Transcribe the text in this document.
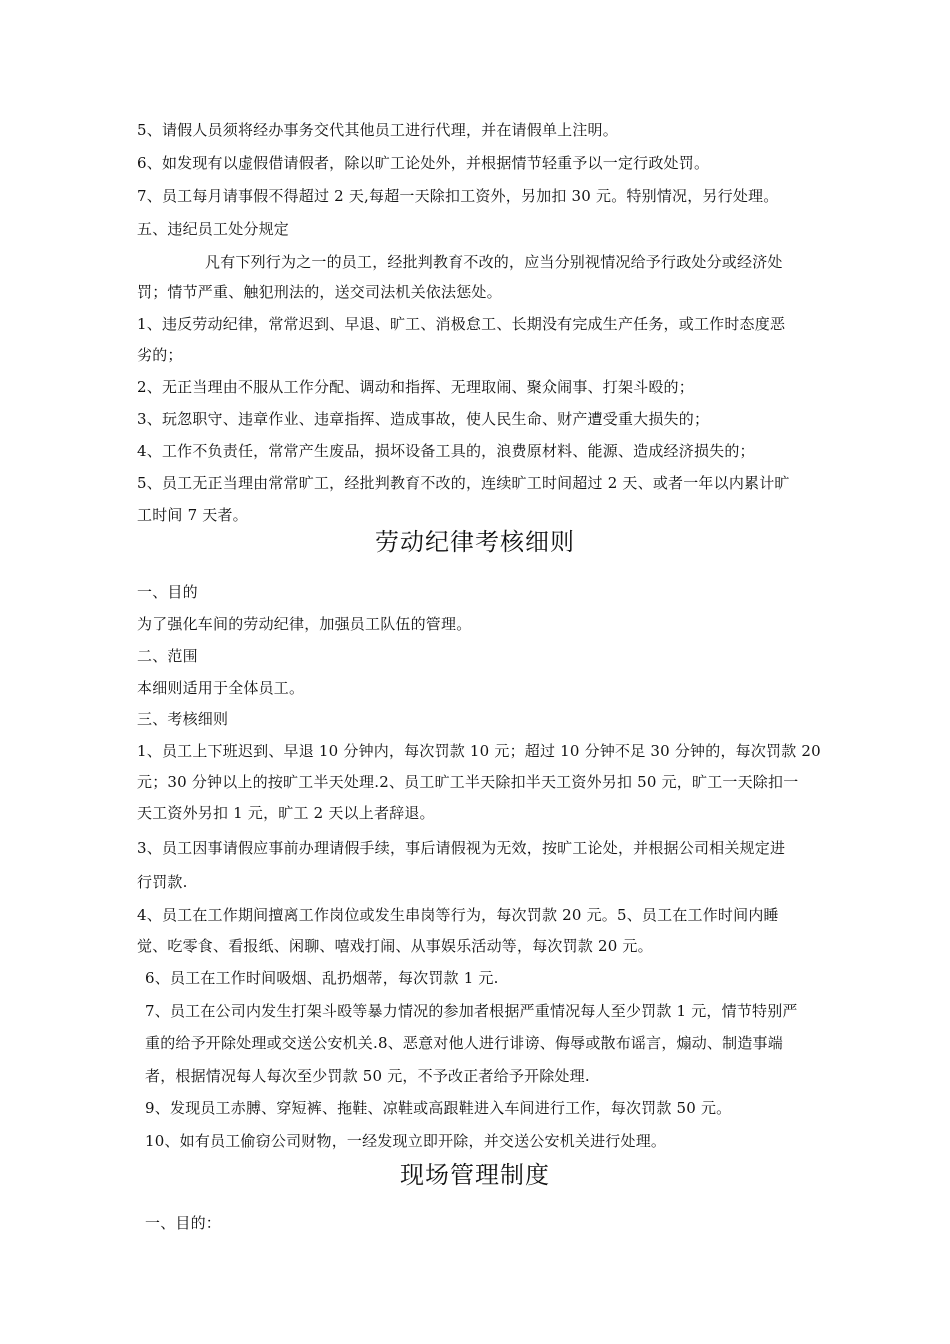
5、请假人员须将经办事务交代其他员工进行代理，并在请假单上注明。
6、如发现有以虚假借请假者，除以旷工论处外，并根据情节轻重予以一定行政处罚。
7、员工每月请事假不得超过 2 天,每超一天除扣工资外，另加扣 30 元。特别情况，另行处理。
五、违纪员工处分规定
凡有下列行为之一的员工，经批判教育不改的，应当分别视情况给予行政处分或经济处
罚；情节严重、触犯刑法的，送交司法机关依法惩处。
1、违反劳动纪律，常常迟到、早退、旷工、消极怠工、长期没有完成生产任务，或工作时态度恶
劣的；
2、无正当理由不服从工作分配、调动和指挥、无理取闹、聚众闹事、打架斗殴的；
3、玩忽职守、违章作业、违章指挥、造成事故，使人民生命、财产遭受重大损失的；
4、工作不负责任，常常产生废品，损坏设备工具的，浪费原材料、能源、造成经济损失的；
5、员工无正当理由常常旷工，经批判教育不改的，连续旷工时间超过 2 天、或者一年以内累计旷
工时间 7 天者。
劳动纪律考核细则
一、目的
为了强化车间的劳动纪律，加强员工队伍的管理。
二、范围
本细则适用于全体员工。
三、考核细则
1、员工上下班迟到、早退 10 分钟内，每次罚款 10 元；超过 10 分钟不足 30 分钟的，每次罚款 20
元；30 分钟以上的按旷工半天处理.2、员工旷工半天除扣半天工资外另扣 50 元，旷工一天除扣一
天工资外另扣 1 元，旷工 2 天以上者辞退。
3、员工因事请假应事前办理请假手续，事后请假视为无效，按旷工论处，并根据公司相关规定进
行罚款.
4、员工在工作期间擅离工作岗位或发生串岗等行为，每次罚款 20 元。5、员工在工作时间内睡
觉、吃零食、看报纸、闲聊、嘻戏打闹、从事娱乐活动等，每次罚款 20 元。
6、员工在工作时间吸烟、乱扔烟蒂，每次罚款 1 元.
7、员工在公司内发生打架斗殴等暴力情况的参加者根据严重情况每人至少罚款 1 元，情节特别严
重的给予开除处理或交送公安机关.8、恶意对他人进行诽谤、侮辱或散布谣言，煽动、制造事端
者，根据情况每人每次至少罚款 50 元，不予改正者给予开除处理.
9、发现员工赤膊、穿短裤、拖鞋、凉鞋或高跟鞋进入车间进行工作，每次罚款 50 元。
10、如有员工偷窃公司财物，一经发现立即开除，并交送公安机关进行处理。
现场管理制度
一、目的：
